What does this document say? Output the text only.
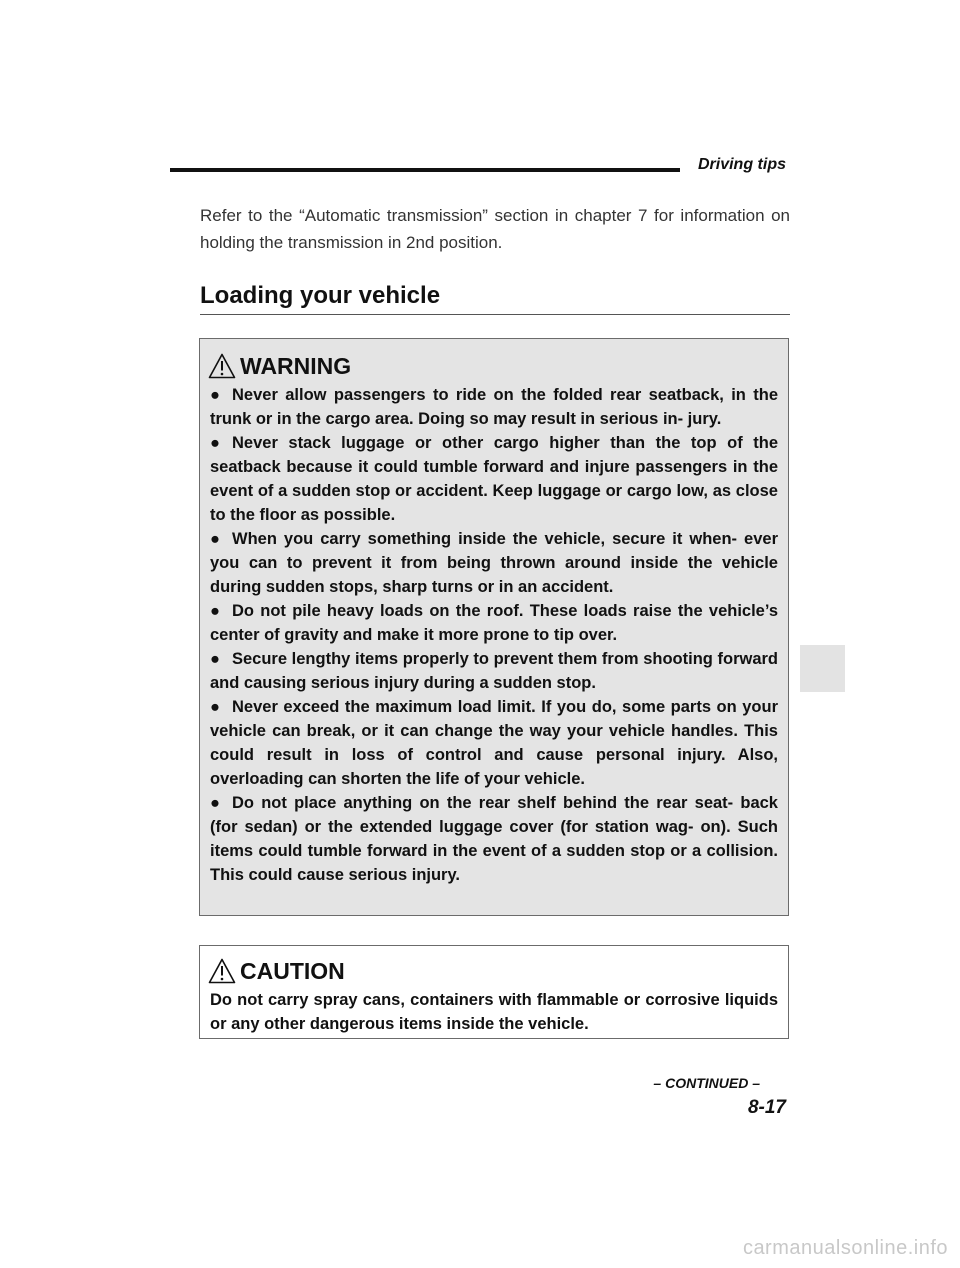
Driving tips
Refer to the “Automatic transmission” section in chapter 7 for information on holding the transmission in 2nd position.
Loading your vehicle
WARNING
● Never allow passengers to ride on the folded rear seatback, in the trunk or in the cargo area. Doing so may result in serious in- jury.
● Never stack luggage or other cargo higher than the top of the seatback because it could tumble forward and injure passengers in the event of a sudden stop or accident. Keep luggage or cargo low, as close to the floor as possible.
● When you carry something inside the vehicle, secure it when- ever you can to prevent it from being thrown around inside the vehicle during sudden stops, sharp turns or in an accident.
● Do not pile heavy loads on the roof. These loads raise the vehicle’s center of gravity and make it more prone to tip over.
● Secure lengthy items properly to prevent them from shooting forward and causing serious injury during a sudden stop.
● Never exceed the maximum load limit. If you do, some parts on your vehicle can break, or it can change the way your vehicle handles. This could result in loss of control and cause personal injury. Also, overloading can shorten the life of your vehicle.
● Do not place anything on the rear shelf behind the rear seat- back (for sedan) or the extended luggage cover (for station wag- on). Such items could tumble forward in the event of a sudden stop or a collision. This could cause serious injury.
CAUTION
Do not carry spray cans, containers with flammable or corrosive liquids or any other dangerous items inside the vehicle.
– CONTINUED –
8-17
carmanualsonline.info
